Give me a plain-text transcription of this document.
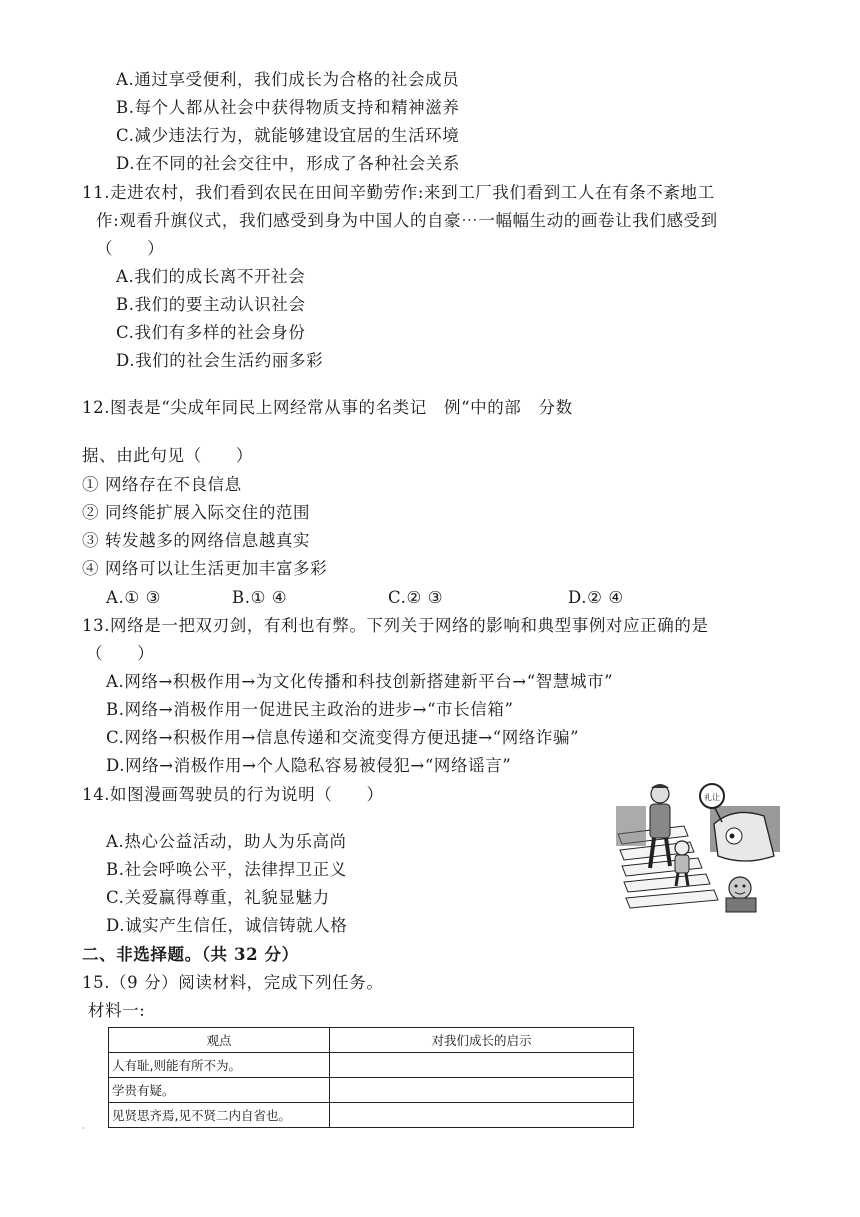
A.通过享受便利，我们成长为合格的社会成员
B.每个人都从社会中获得物质支持和精神滋养
C.减少违法行为，就能够建设宜居的生活环境
D.在不同的社会交往中，形成了各种社会关系
11.走进农村，我们看到农民在田间辛勤劳作:来到工厂我们看到工人在有条不紊地工
作:观看升旗仪式，我们感受到身为中国人的自豪⋯一幅幅生动的画卷让我们感受到
（　　）
A.我们的成长离不开社会
B.我们的要主动认识社会
C.我们有多样的社会身份
D.我们的社会生活约丽多彩
12.图表是“尖成年同民上网经常从事的名类记　例“中的部　分数
据、由此句见（　　）
① 网络存在不良信息
② 同终能扩展入际交住的范围
③ 转发越多的网络信息越真实
④ 网络可以让生活更加丰富多彩
A.① ③	B.① ④	C.② ③	D.② ④
13.网络是一把双刃剑，有利也有弊。下列关于网络的影响和典型事例对应正确的是
（　　）
A.网络→积极作用→为文化传播和科技创新搭建新平台→“智慧城市”
B.网络→消极作用一促进民主政治的进步→“市长信箱”
C.网络→积极作用→信息传递和交流变得方便迅捷→“网络诈骗”
D.网络→消极作用→个人隐私容易被侵犯→“网络谣言”
14.如图漫画驾驶员的行为说明（　　）
A.热心公益活动，助人为乐高尚
B.社会呼唤公平，法律捍卫正义
C.关爱赢得尊重，礼貌显魅力
D.诚实产生信任，诚信铸就人格
礼让
二、非选择题。（共 32 分）
15.（9 分）阅读材料，完成下列任务。
材料一:
观点	对我们成长的启示
人有耻,则能有所不为。	
学贵有疑。	
见贤思齐焉,见不贤二内自省也。	
·
